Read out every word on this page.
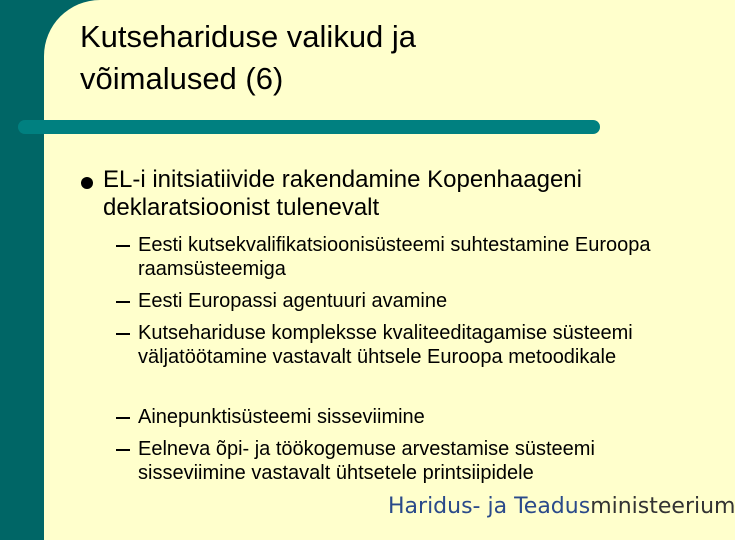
Kutsehariduse valikud ja
võimalused (6)
EL-i initsiatiivide rakendamine Kopenhaageni deklaratsioonist tulenevalt
Eesti kutsekvalifikatsioonisüsteemi suhtestamine Euroopa raamsüsteemiga
Eesti Europassi agentuuri avamine
Kutsehariduse kompleksse kvaliteeditagamise süsteemi väljatöötamine vastavalt ühtsele Euroopa metoodikale
Ainepunktisüsteemi sisseviimine
Eelneva õpi- ja töökogemuse arvestamise süsteemi sisseviimine vastavalt ühtsetele printsiipidele
Haridus- ja Teadusministeerium
